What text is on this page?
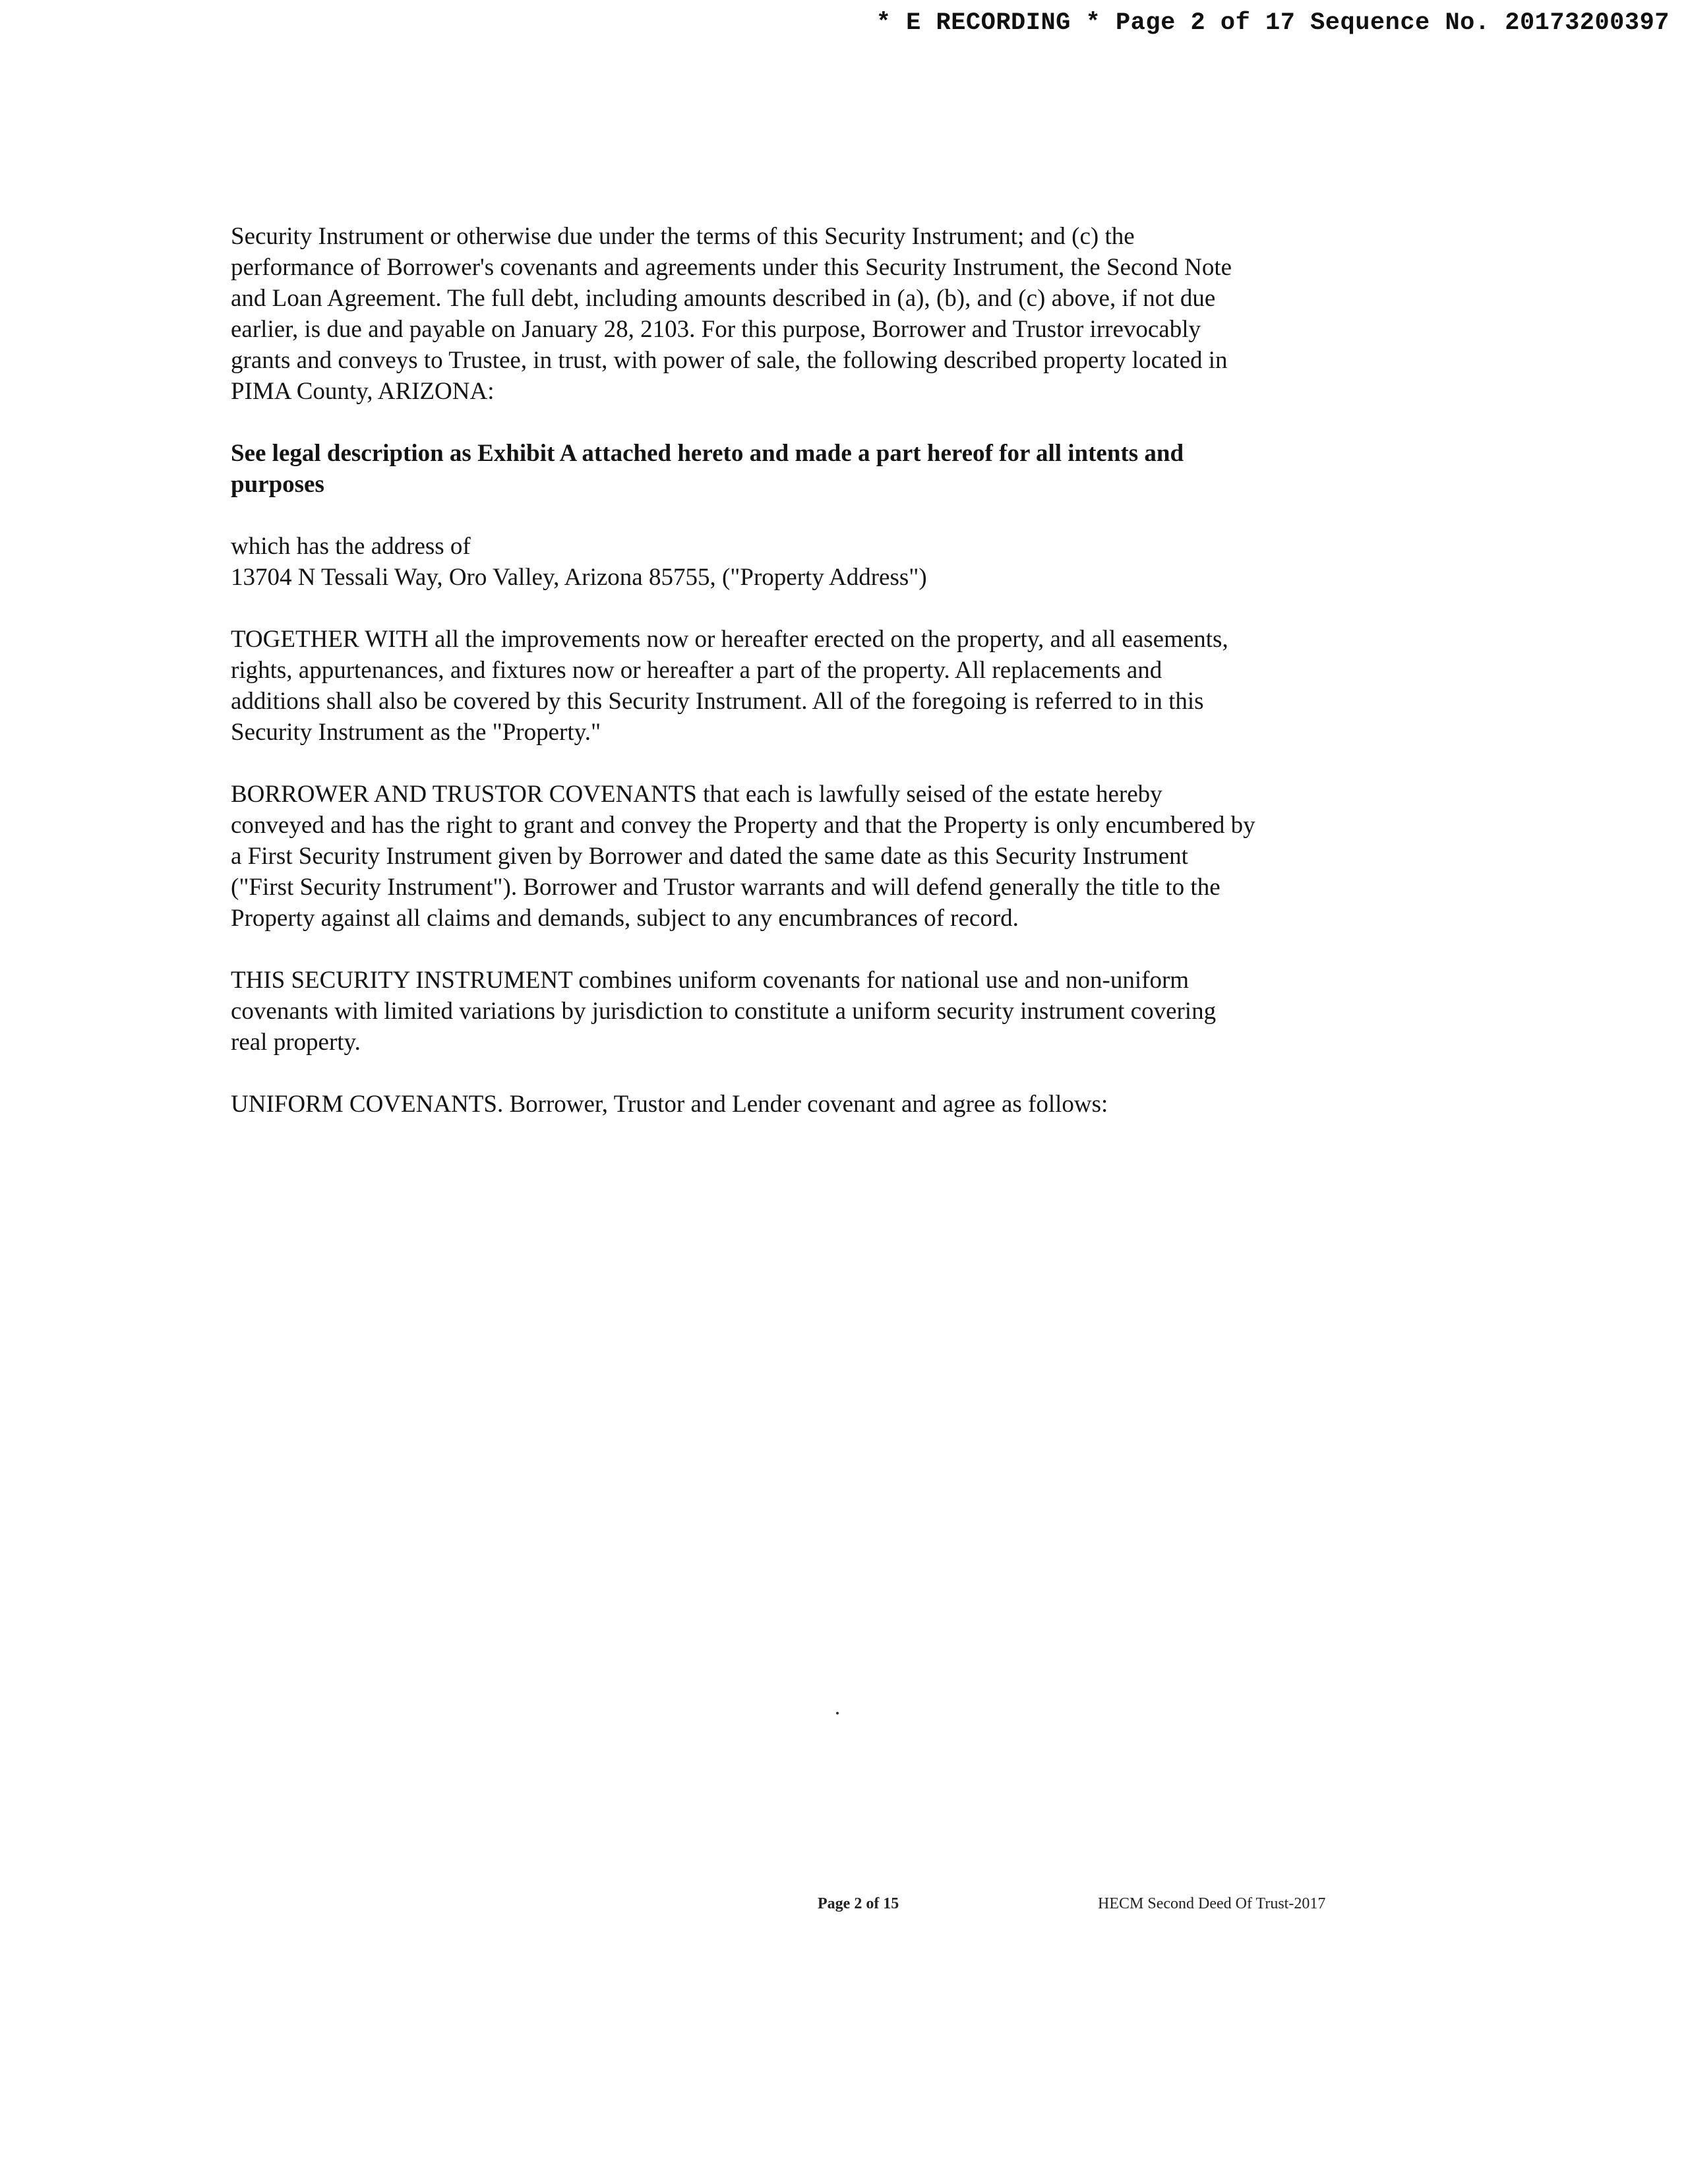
* E RECORDING * Page 2 of 17 Sequence No. 20173200397

Security Instrument or otherwise due under the terms of this Security Instrument; and (c) the
performance of Borrower's covenants and agreements under this Security Instrument, the Second Note
and Loan Agreement. The full debt, including amounts described in (a), (b), and (c) above, if not due
earlier, is due and payable on January 28, 2103. For this purpose, Borrower and Trustor irrevocably
grants and conveys to Trustee, in trust, with power of sale, the following described property located in
PIMA County, ARIZONA:

See legal description as Exhibit A attached hereto and made a part hereof for all intents and
purposes

which has the address of
13704 N Tessali Way, Oro Valley, Arizona 85755, ("Property Address")

TOGETHER WITH all the improvements now or hereafter erected on the property, and all easements,
rights, appurtenances, and fixtures now or hereafter a part of the property. All replacements and
additions shall also be covered by this Security Instrument. All of the foregoing is referred to in this
Security Instrument as the "Property."

BORROWER AND TRUSTOR COVENANTS that each is lawfully seised of the estate hereby
conveyed and has the right to grant and convey the Property and that the Property is only encumbered by
a First Security Instrument given by Borrower and dated the same date as this Security Instrument
("First Security Instrument"). Borrower and Trustor warrants and will defend generally the title to the
Property against all claims and demands, subject to any encumbrances of record.

THIS SECURITY INSTRUMENT combines uniform covenants for national use and non-uniform
covenants with limited variations by jurisdiction to constitute a uniform security instrument covering
real property.

UNIFORM COVENANTS. Borrower, Trustor and Lender covenant and agree as follows:

Page 2 of 15	HECM Second Deed Of Trust-2017
